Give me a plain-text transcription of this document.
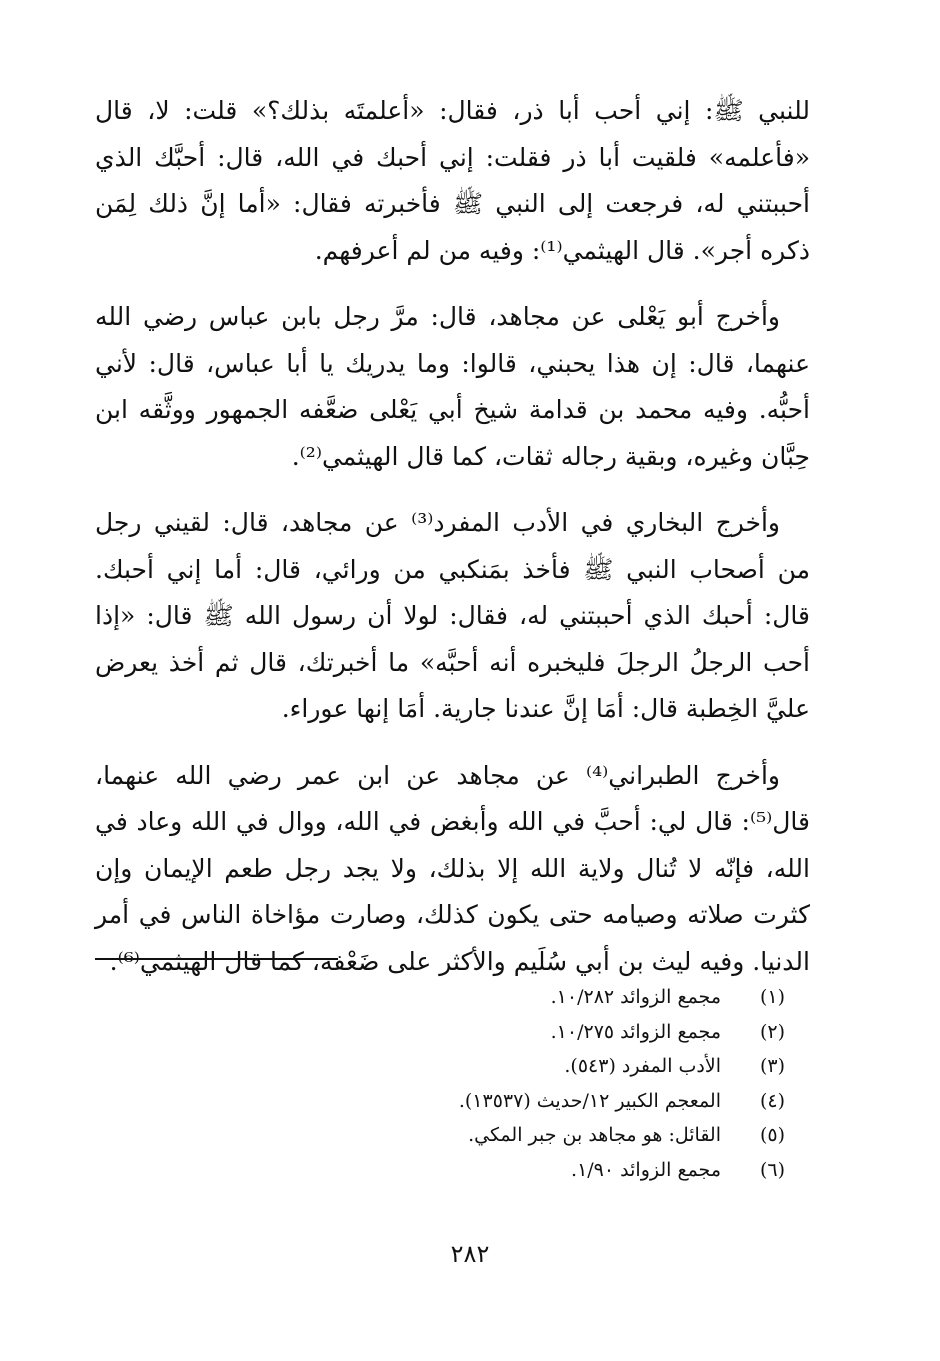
للنبي ﷺ: إني أحب أبا ذر، فقال: «أعلمتَه بذلك؟» قلت: لا، قال «فأعلمه» فلقيت أبا ذر فقلت: إني أحبك في الله، قال: أحبَّك الذي أحببتني له، فرجعت إلى النبي ﷺ فأخبرته فقال: «أما إنَّ ذلك لِمَن ذكره أجر». قال الهيثمي⁽¹⁾: وفيه من لم أعرفهم.

وأخرج أبو يَعْلى عن مجاهد، قال: مرَّ رجل بابن عباس رضي الله عنهما، قال: إن هذا يحبني، قالوا: وما يدريك يا أبا عباس، قال: لأني أحبُّه. وفيه محمد بن قدامة شيخ أبي يَعْلى ضعَّفه الجمهور ووثَّقه ابن حِبَّان وغيره، وبقية رجاله ثقات، كما قال الهيثمي⁽²⁾.

وأخرج البخاري في الأدب المفرد⁽³⁾ عن مجاهد، قال: لقيني رجل من أصحاب النبي ﷺ فأخذ بمَنكبي من ورائي، قال: أما إني أحبك. قال: أحبك الذي أحببتني له، فقال: لولا أن رسول الله ﷺ قال: «إذا أحب الرجلُ الرجلَ فليخبره أنه أحبَّه» ما أخبرتك، قال ثم أخذ يعرض عليَّ الخِطبة قال: أمَا إنَّ عندنا جارية. أمَا إنها عوراء.

وأخرج الطبراني⁽⁴⁾ عن مجاهد عن ابن عمر رضي الله عنهما، قال⁽⁵⁾: قال لي: أحبَّ في الله وأبغض في الله، ووال في الله وعاد في الله، فإنّه لا تُنال ولاية الله إلا بذلك، ولا يجد رجل طعم الإيمان وإن كثرت صلاته وصيامه حتى يكون كذلك، وصارت مؤاخاة الناس في أمر الدنيا. وفيه ليث بن أبي سُلَيم والأكثر على ضَعْفه، كما قال الهيثمي⁽⁶⁾.

(١)
مجمع الزوائد ١٠/٢٨٢.
(٢)
مجمع الزوائد ١٠/٢٧٥.
(٣)
الأدب المفرد (٥٤٣).
(٤)
المعجم الكبير ١٢/حديث (١٣٥٣٧).
(٥)
القائل: هو مجاهد بن جبر المكي.
(٦)
مجمع الزوائد ١/٩٠.
٢٨٢
